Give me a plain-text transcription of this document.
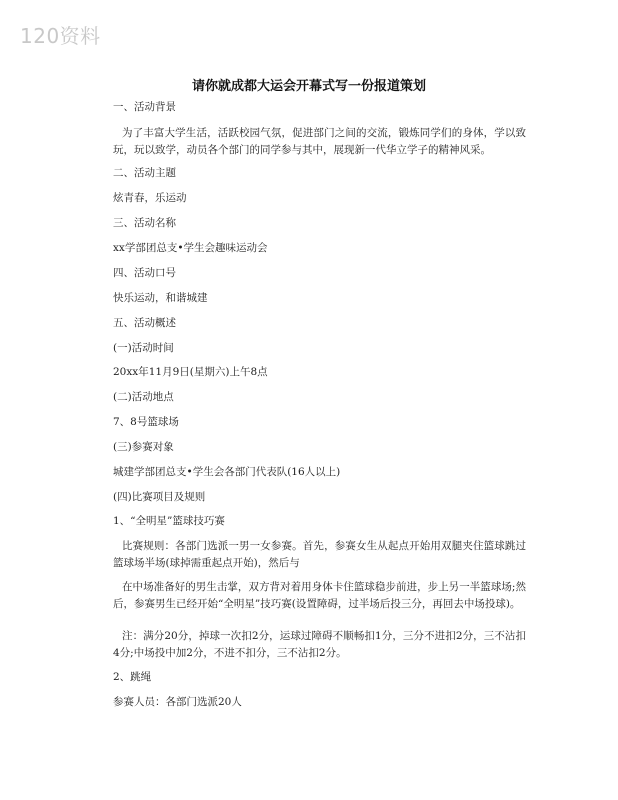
120资料
请你就成都大运会开幕式写一份报道策划
一、活动背景
为了丰富大学生活，活跃校园气氛，促进部门之间的交流，锻炼同学们的身体，学以致玩，玩以致学，动员各个部门的同学参与其中，展现新一代华立学子的精神风采。
二、活动主题
炫青春，乐运动
三、活动名称
xx学部团总支•学生会趣味运动会
四、活动口号
快乐运动，和谐城建
五、活动概述
(一)活动时间
20xx年11月9日(星期六)上午8点
(二)活动地点
7、8号篮球场
(三)参赛对象
城建学部团总支•学生会各部门代表队(16人以上)
(四)比赛项目及规则
1、“全明星”篮球技巧赛
比赛规则：各部门选派一男一女参赛。首先，参赛女生从起点开始用双腿夹住篮球跳过篮球场半场(球掉需重起点开始)，然后与
在中场准备好的男生击掌，双方背对着用身体卡住篮球稳步前进，步上另一半篮球场;然后，参赛男生已经开始“全明星”技巧赛(设置障碍，过半场后投三分，再回去中场投球)。
注：满分20分，掉球一次扣2分，运球过障碍不顺畅扣1分，三分不进扣2分，三不沾扣4分;中场投中加2分，不进不扣分，三不沾扣2分。
2、跳绳
参赛人员：各部门选派20人
